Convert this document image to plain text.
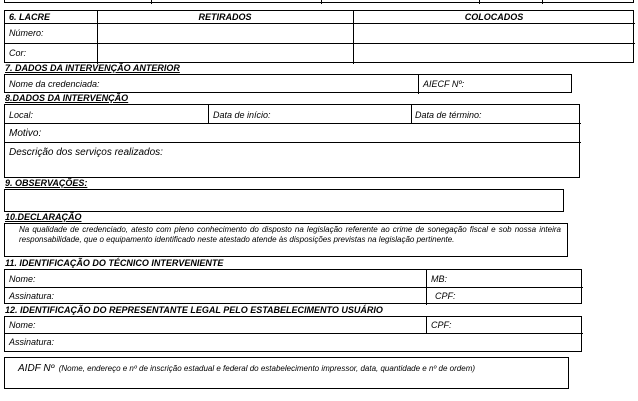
6. LACRE	RETIRADOS	COLOCADOS
Número:
Cor:
7. DADOS DA INTERVENÇÃO ANTERIOR
Nome da credenciada:	AIECF Nº:
8.DADOS DA INTERVENÇÃO
Local:	Data de início:	Data de término:
Motivo:
Descrição dos serviços realizados:
9. OBSERVAÇÕES:
10.DECLARAÇÃO
Na qualidade de credenciado, atesto com pleno conhecimento do disposto na legislação referente ao crime de sonegação fiscal e sob nossa inteira responsabilidade, que o equipamento identificado neste atestado atende às disposições previstas na legislação pertinente.
11. IDENTIFICAÇÃO DO TÉCNICO INTERVENIENTE
Nome:	MB:
Assinatura:	CPF:
12. IDENTIFICAÇÃO DO REPRESENTANTE LEGAL PELO ESTABELECIMENTO USUÁRIO
Nome:	CPF:
Assinatura:
AIDF Nº (Nome, endereço e nº de inscrição estadual e federal do estabelecimento impressor, data, quantidade e nº de ordem)
